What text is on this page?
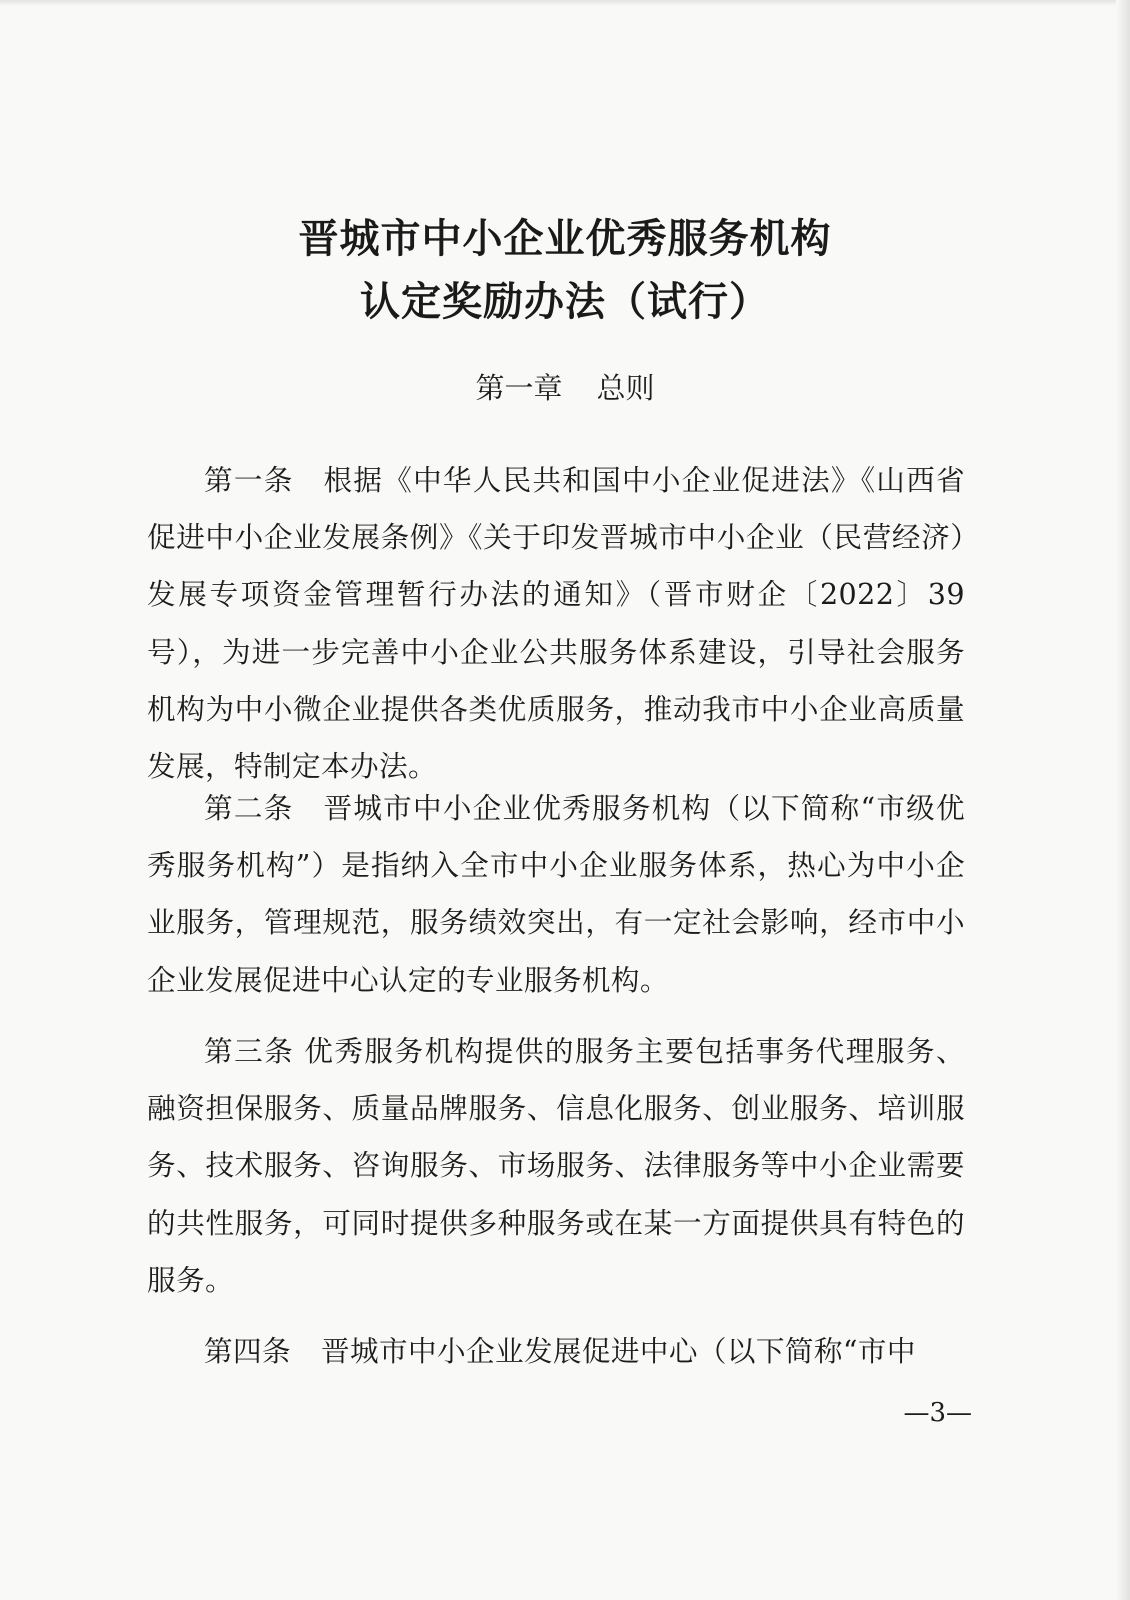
晋城市中小企业优秀服务机构
认定奖励办法（试行）
第一章 总则

第一条 根据《中华人民共和国中小企业促进法》《山西省促进中小企业发展条例》《关于印发晋城市中小企业（民营经济）发展专项资金管理暂行办法的通知》（晋市财企〔2022〕39 号），为进一步完善中小企业公共服务体系建设，引导社会服务机构为中小微企业提供各类优质服务，推动我市中小企业高质量发展，特制定本办法。

第二条 晋城市中小企业优秀服务机构（以下简称“市级优秀服务机构”）是指纳入全市中小企业服务体系，热心为中小企业服务，管理规范，服务绩效突出，有一定社会影响，经市中小企业发展促进中心认定的专业服务机构。

第三条 优秀服务机构提供的服务主要包括事务代理服务、融资担保服务、质量品牌服务、信息化服务、创业服务、培训服务、技术服务、咨询服务、市场服务、法律服务等中小企业需要的共性服务，可同时提供多种服务或在某一方面提供具有特色的服务。

第四条 晋城市中小企业发展促进中心（以下简称“市中
—3—
